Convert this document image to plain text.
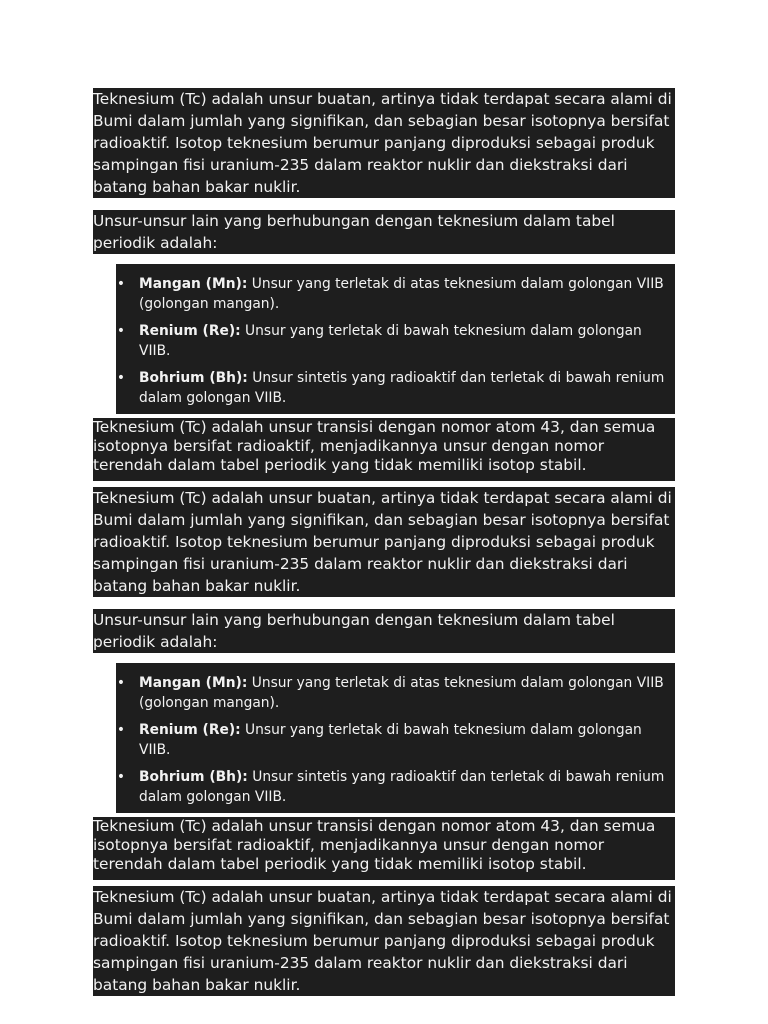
Teknesium (Tc) adalah unsur buatan, artinya tidak terdapat secara alami di Bumi dalam jumlah yang signifikan, dan sebagian besar isotopnya bersifat radioaktif. Isotop teknesium berumur panjang diproduksi sebagai produk sampingan fisi uranium-235 dalam reaktor nuklir dan diekstraksi dari batang bahan bakar nuklir.

Unsur-unsur lain yang berhubungan dengan teknesium dalam tabel periodik adalah:

• Mangan (Mn): Unsur yang terletak di atas teknesium dalam golongan VIIB (golongan mangan).
• Renium (Re): Unsur yang terletak di bawah teknesium dalam golongan VIIB.
• Bohrium (Bh): Unsur sintetis yang radioaktif dan terletak di bawah renium dalam golongan VIIB.

Teknesium (Tc) adalah unsur transisi dengan nomor atom 43, dan semua isotopnya bersifat radioaktif, menjadikannya unsur dengan nomor terendah dalam tabel periodik yang tidak memiliki isotop stabil.

Teknesium (Tc) adalah unsur buatan, artinya tidak terdapat secara alami di Bumi dalam jumlah yang signifikan, dan sebagian besar isotopnya bersifat radioaktif. Isotop teknesium berumur panjang diproduksi sebagai produk sampingan fisi uranium-235 dalam reaktor nuklir dan diekstraksi dari batang bahan bakar nuklir.

Unsur-unsur lain yang berhubungan dengan teknesium dalam tabel periodik adalah:

• Mangan (Mn): Unsur yang terletak di atas teknesium dalam golongan VIIB (golongan mangan).
• Renium (Re): Unsur yang terletak di bawah teknesium dalam golongan VIIB.
• Bohrium (Bh): Unsur sintetis yang radioaktif dan terletak di bawah renium dalam golongan VIIB.

Teknesium (Tc) adalah unsur transisi dengan nomor atom 43, dan semua isotopnya bersifat radioaktif, menjadikannya unsur dengan nomor terendah dalam tabel periodik yang tidak memiliki isotop stabil.

Teknesium (Tc) adalah unsur buatan, artinya tidak terdapat secara alami di Bumi dalam jumlah yang signifikan, dan sebagian besar isotopnya bersifat radioaktif. Isotop teknesium berumur panjang diproduksi sebagai produk sampingan fisi uranium-235 dalam reaktor nuklir dan diekstraksi dari batang bahan bakar nuklir.
